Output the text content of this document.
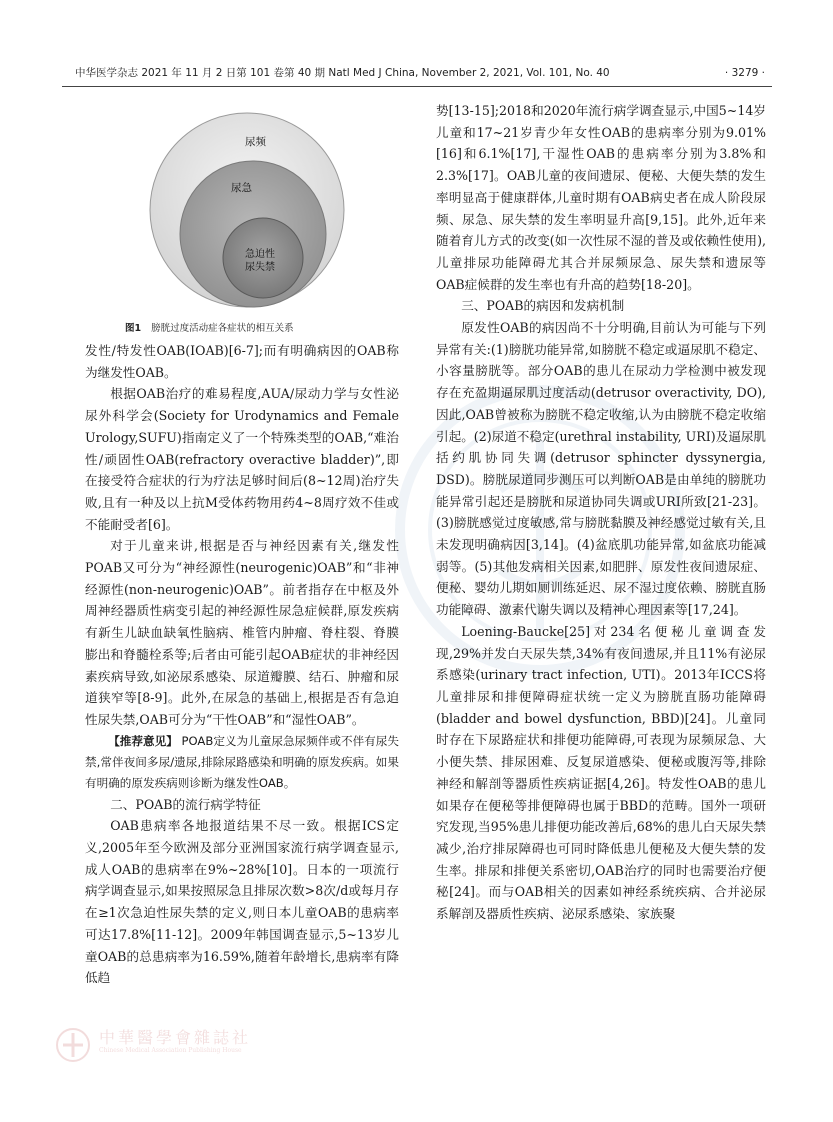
中华医学杂志 2021 年 11 月 2 日第 101 卷第 40 期 Natl Med J China, November 2, 2021, Vol. 101, No. 40	· 3279 ·
尿频
尿急
急迫性尿失禁
图1 膀胱过度活动症各症状的相互关系

发性/特发性OAB(IOAB)[6-7];而有明确病因的OAB称为继发性OAB。

根据OAB治疗的难易程度,AUA/尿动力学与女性泌尿外科学会(Society for Urodynamics and Female Urology,SUFU)指南定义了一个特殊类型的OAB,“难治性/顽固性OAB(refractory overactive bladder)”,即在接受符合症状的行为疗法足够时间后(8~12周)治疗失败,且有一种及以上抗M受体药物用药4~8周疗效不佳或不能耐受者[6]。

对于儿童来讲,根据是否与神经因素有关,继发性POAB又可分为“神经源性(neurogenic)OAB”和“非神经源性(non-neurogenic)OAB”。前者指存在中枢及外周神经器质性病变引起的神经源性尿急症候群,原发疾病有新生儿缺血缺氧性脑病、椎管内肿瘤、脊柱裂、脊膜膨出和脊髓栓系等;后者由可能引起OAB症状的非神经因素疾病导致,如泌尿系感染、尿道瓣膜、结石、肿瘤和尿道狭窄等[8-9]。此外,在尿急的基础上,根据是否有急迫性尿失禁,OAB可分为“干性OAB”和“湿性OAB”。

【推荐意见】 POAB定义为儿童尿急尿频伴或不伴有尿失禁,常伴夜间多尿/遗尿,排除尿路感染和明确的原发疾病。如果有明确的原发疾病则诊断为继发性OAB。

二、POAB的流行病学特征

OAB患病率各地报道结果不尽一致。根据ICS定义,2005年至今欧洲及部分亚洲国家流行病学调查显示,成人OAB的患病率在9%~28%[10]。日本的一项流行病学调查显示,如果按照尿急且排尿次数>8次/d或每月存在≥1次急迫性尿失禁的定义,则日本儿童OAB的患病率可达17.8%[11-12]。2009年韩国调查显示,5~13岁儿童OAB的总患病率为16.59%,随着年龄增长,患病率有降低趋

势[13-15];2018和2020年流行病学调查显示,中国5~14岁儿童和17~21岁青少年女性OAB的患病率分别为9.01%[16]和6.1%[17],干湿性OAB的患病率分别为3.8%和2.3%[17]。OAB儿童的夜间遗尿、便秘、大便失禁的发生率明显高于健康群体,儿童时期有OAB病史者在成人阶段尿频、尿急、尿失禁的发生率明显升高[9,15]。此外,近年来随着育儿方式的改变(如一次性尿不湿的普及或依赖性使用),儿童排尿功能障碍尤其合并尿频尿急、尿失禁和遗尿等OAB症候群的发生率也有升高的趋势[18-20]。

三、POAB的病因和发病机制

原发性OAB的病因尚不十分明确,目前认为可能与下列异常有关:(1)膀胱功能异常,如膀胱不稳定或逼尿肌不稳定、小容量膀胱等。部分OAB的患儿在尿动力学检测中被发现存在充盈期逼尿肌过度活动(detrusor overactivity, DO),因此,OAB曾被称为膀胱不稳定收缩,认为由膀胱不稳定收缩引起。(2)尿道不稳定(urethral instability, URI)及逼尿肌括约肌协同失调(detrusor sphincter dyssynergia, DSD)。膀胱尿道同步测压可以判断OAB是由单纯的膀胱功能异常引起还是膀胱和尿道协同失调或URI所致[21-23]。(3)膀胱感觉过度敏感,常与膀胱黏膜及神经感觉过敏有关,且未发现明确病因[3,14]。(4)盆底肌功能异常,如盆底功能减弱等。(5)其他发病相关因素,如肥胖、原发性夜间遗尿症、便秘、婴幼儿期如厕训练延迟、尿不湿过度依赖、膀胱直肠功能障碍、激素代谢失调以及精神心理因素等[17,24]。

Loening-Baucke[25]对234名便秘儿童调查发现,29%并发白天尿失禁,34%有夜间遗尿,并且11%有泌尿系感染(urinary tract infection, UTI)。2013年ICCS将儿童排尿和排便障碍症状统一定义为膀胱直肠功能障碍(bladder and bowel dysfunction, BBD)[24]。儿童同时存在下尿路症状和排便功能障碍,可表现为尿频尿急、大小便失禁、排尿困难、反复尿道感染、便秘或腹泻等,排除神经和解剖等器质性疾病证据[4,26]。特发性OAB的患儿如果存在便秘等排便障碍也属于BBD的范畴。国外一项研究发现,当95%患儿排便功能改善后,68%的患儿白天尿失禁减少,治疗排尿障碍也可同时降低患儿便秘及大便失禁的发生率。排尿和排便关系密切,OAB治疗的同时也需要治疗便秘[24]。而与OAB相关的因素如神经系统疾病、合并泌尿系解剖及器质性疾病、泌尿系感染、家族聚

中華醫學會雜誌社
Chinese Medical Association Publishing House
